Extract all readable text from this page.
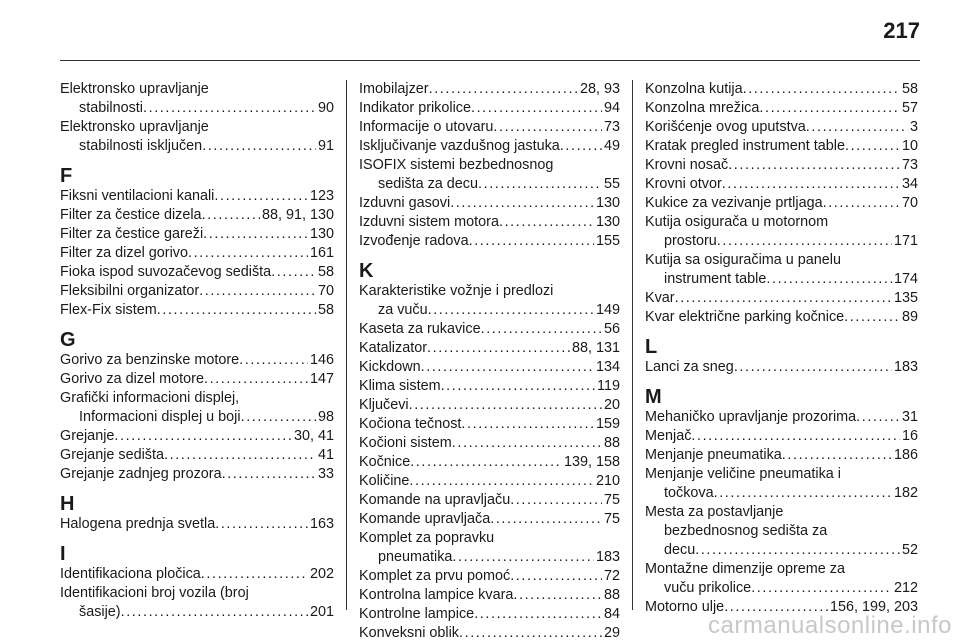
217
Elektronsko upravljanje
stabilnosti . . .	90
Elektronsko upravljanje
stabilnosti isključen . . .	91
F
Fiksni ventilacioni kanali . . .	123
Filter za čestice dizela . . .	88, 91, 130
Filter za čestice gareži . . .	130
Filter za dizel gorivo . . .	161
Fioka ispod suvozačevog sedišta . . .	58
Fleksibilni organizator . . .	70
Flex-Fix sistem . . .	58
G
Gorivo za benzinske motore . . .	146
Gorivo za dizel motore . . .	147
Grafički informacioni displej,
Informacioni displej u boji . . .	98
Grejanje . . .	30, 41
Grejanje sedišta . . .	41
Grejanje zadnjeg prozora . . .	33
H
Halogena prednja svetla . . .	163
I
Identifikaciona pločica . . .	202
Identifikacioni broj vozila (broj
šasije) . . .	201
Imobilajzer . . .	28, 93
Indikator prikolice . . .	94
Informacije o utovaru . . .	73
Isključivanje vazdušnog jastuka . . .	49
ISOFIX sistemi bezbednosnog
sedišta za decu . . .	55
Izduvni gasovi . . .	130
Izduvni sistem motora . . .	130
Izvođenje radova . . .	155
K
Karakteristike vožnje i predlozi
za vuču . . .	149
Kaseta za rukavice . . .	56
Katalizator . . .	88, 131
Kickdown . . .	134
Klima sistem . . .	119
Ključevi . . .	20
Kočiona tečnost . . .	159
Kočioni sistem . . .	88
Kočnice . . .	139, 158
Količine . . .	210
Komande na upravljaču . . .	75
Komande upravljača . . .	75
Komplet za popravku
pneumatika . . .	183
Komplet za prvu pomoć . . .	72
Kontrolna lampice kvara . . .	88
Kontrolne lampice . . .	84
Konveksni oblik . . .	29
Konzolna kutija . . .	58
Konzolna mrežica . . .	57
Korišćenje ovog uputstva . . .	3
Kratak pregled instrument table . . .	10
Krovni nosač . . .	73
Krovni otvor . . .	34
Kukice za vezivanje prtljaga . . .	70
Kutija osigurača u motornom
prostoru . . .	171
Kutija sa osiguračima u panelu
instrument table . . .	174
Kvar . . .	135
Kvar električne parking kočnice . . .	89
L
Lanci za sneg . . .	183
M
Mehaničko upravljanje prozorima . . .	31
Menjač . . .	16
Menjanje pneumatika . . .	186
Menjanje veličine pneumatika i
točkova . . .	182
Mesta za postavljanje
bezbednosnog sedišta za
decu . . .	52
Montažne dimenzije opreme za
vuču prikolice . . .	212
Motorno ulje . . .	156, 199, 203
carmanualsonline.info
